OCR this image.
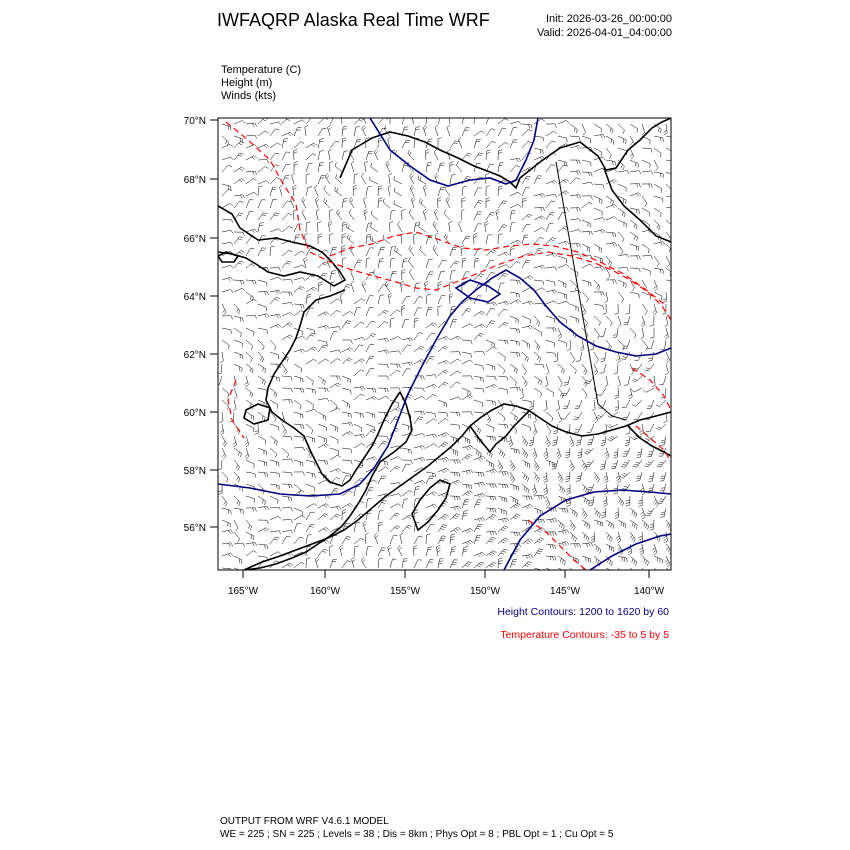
IWFAQRP Alaska Real Time WRF	Init: 2026-03-26_00:00:00
Valid: 2026-04-01_04:00:00
Temperature (C)
Height (m)
Winds (kts)
70°N
68°N
66°N
64°N
62°N
60°N
58°N
56°N
165°W	160°W	155°W	150°W	145°W	140°W
Height Contours: 1200 to 1620 by 60
Temperature Contours: -35 to 5 by 5
OUTPUT FROM WRF V4.6.1 MODEL
WE = 225 ; SN = 225 ; Levels = 38 ; Dis = 8km ; Phys Opt = 8 ; PBL Opt = 1 ; Cu Opt = 5
